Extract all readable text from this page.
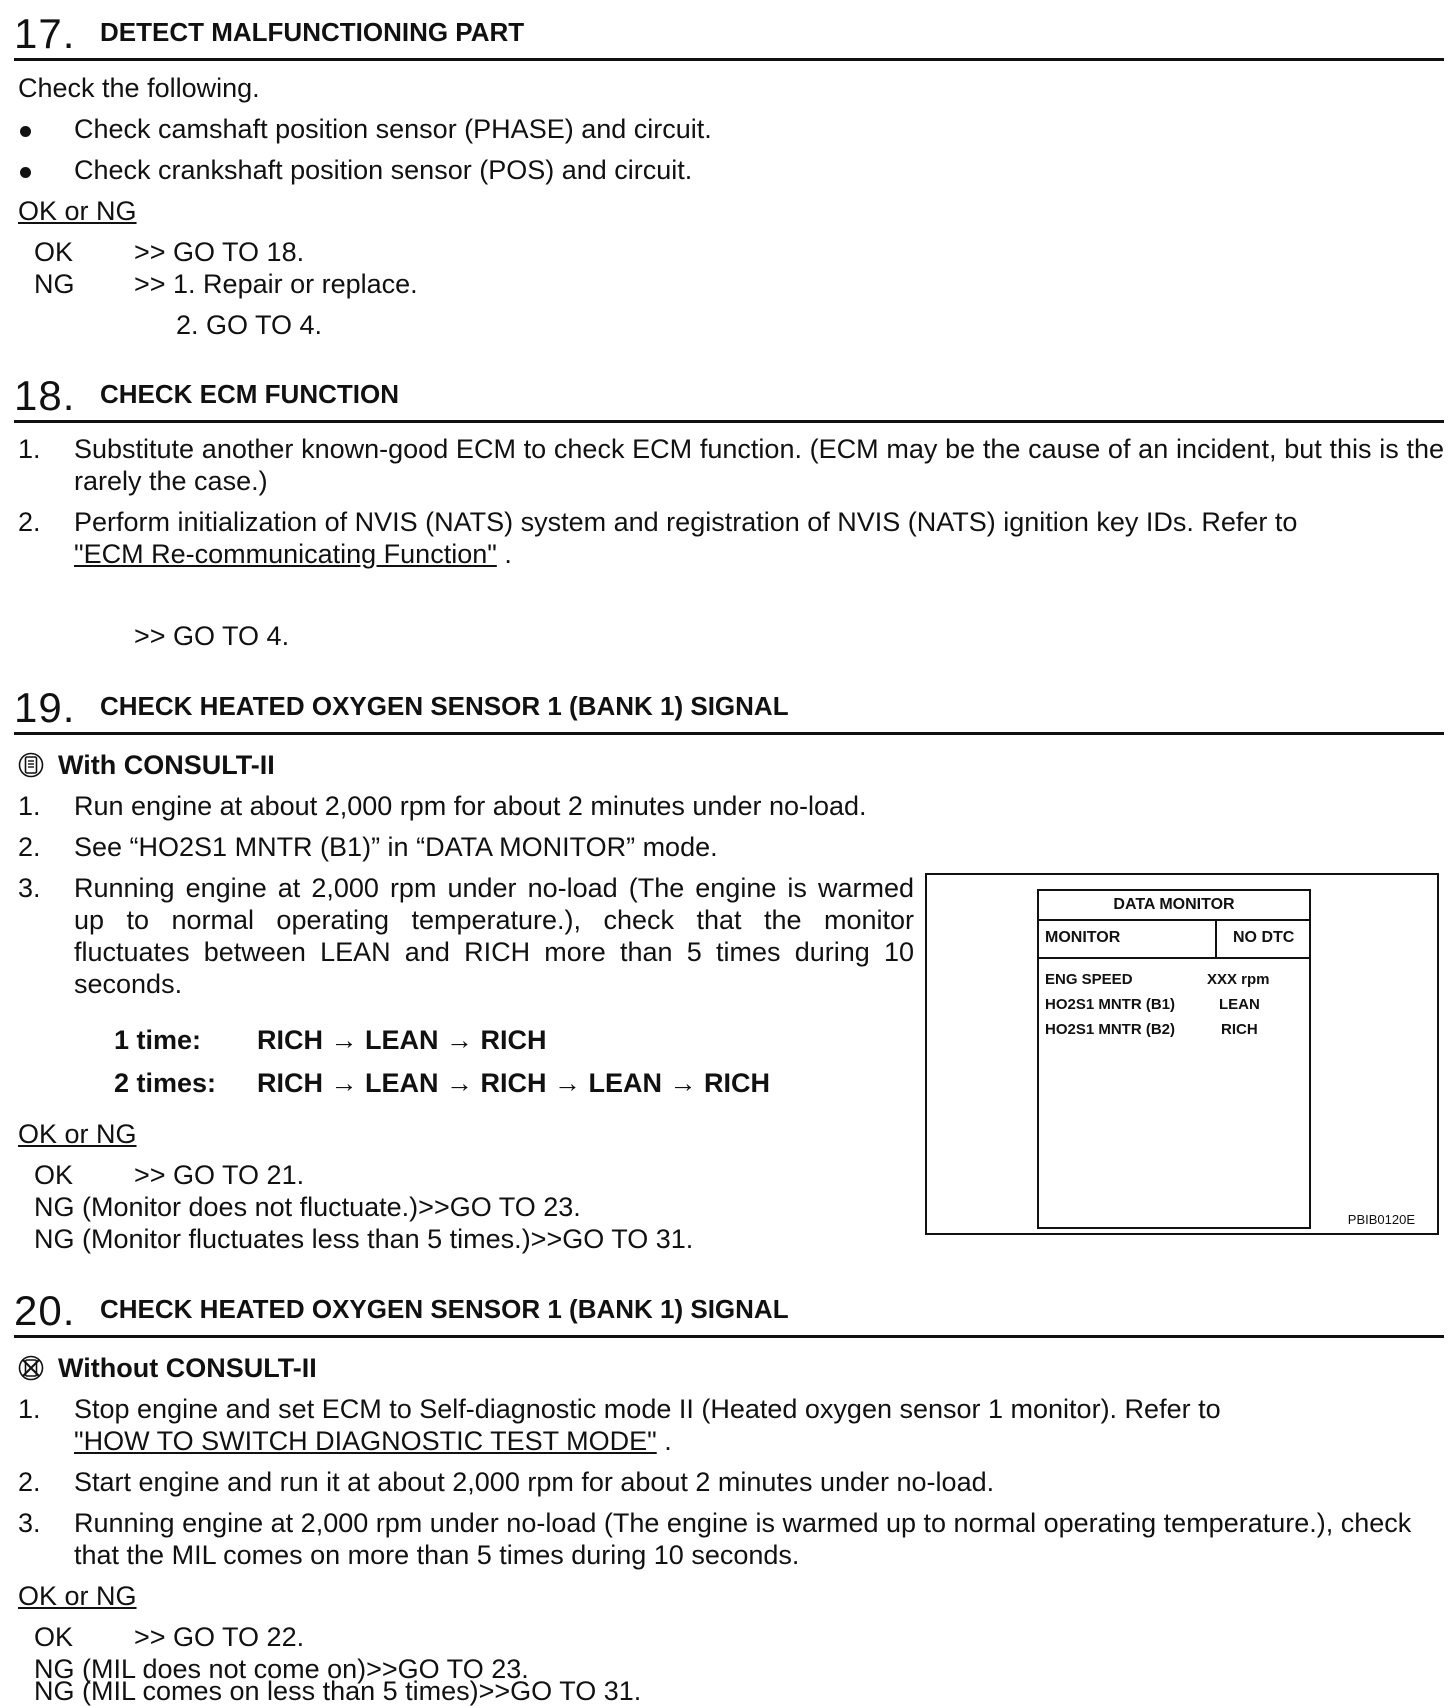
17. DETECT MALFUNCTIONING PART
Check the following.
Check camshaft position sensor (PHASE) and circuit.
Check crankshaft position sensor (POS) and circuit.
OK or NG
OK >> GO TO 18.
NG >> 1. Repair or replace.
2. GO TO 4.
18. CHECK ECM FUNCTION
1. Substitute another known-good ECM to check ECM function. (ECM may be the cause of an incident, but this is the rarely the case.)
2. Perform initialization of NVIS (NATS) system and registration of NVIS (NATS) ignition key IDs. Refer to
"ECM Re-communicating Function" .
>> GO TO 4.
19. CHECK HEATED OXYGEN SENSOR 1 (BANK 1) SIGNAL
With CONSULT-II
1. Run engine at about 2,000 rpm for about 2 minutes under no-load.
2. See “HO2S1 MNTR (B1)” in “DATA MONITOR” mode.
3. Running engine at 2,000 rpm under no-load (The engine is warmed up to normal operating temperature.), check that the monitor fluctuates between LEAN and RICH more than 5 times during 10 seconds.
1 time: RICH → LEAN → RICH
2 times: RICH → LEAN → RICH → LEAN → RICH
OK or NG
OK >> GO TO 21.
NG (Monitor does not fluctuate.)>>GO TO 23.
NG (Monitor fluctuates less than 5 times.)>>GO TO 31.
DATA MONITOR
MONITOR	NO DTC
ENG SPEED	XXX rpm
HO2S1 MNTR (B1)	LEAN
HO2S1 MNTR (B2)	RICH
PBIB0120E
20. CHECK HEATED OXYGEN SENSOR 1 (BANK 1) SIGNAL
Without CONSULT-II
1. Stop engine and set ECM to Self-diagnostic mode II (Heated oxygen sensor 1 monitor). Refer to
"HOW TO SWITCH DIAGNOSTIC TEST MODE" .
2. Start engine and run it at about 2,000 rpm for about 2 minutes under no-load.
3. Running engine at 2,000 rpm under no-load (The engine is warmed up to normal operating temperature.), check that the MIL comes on more than 5 times during 10 seconds.
OK or NG
OK >> GO TO 22.
NG (MIL does not come on)>>GO TO 23.
NG (MIL comes on less than 5 times)>>GO TO 31.
